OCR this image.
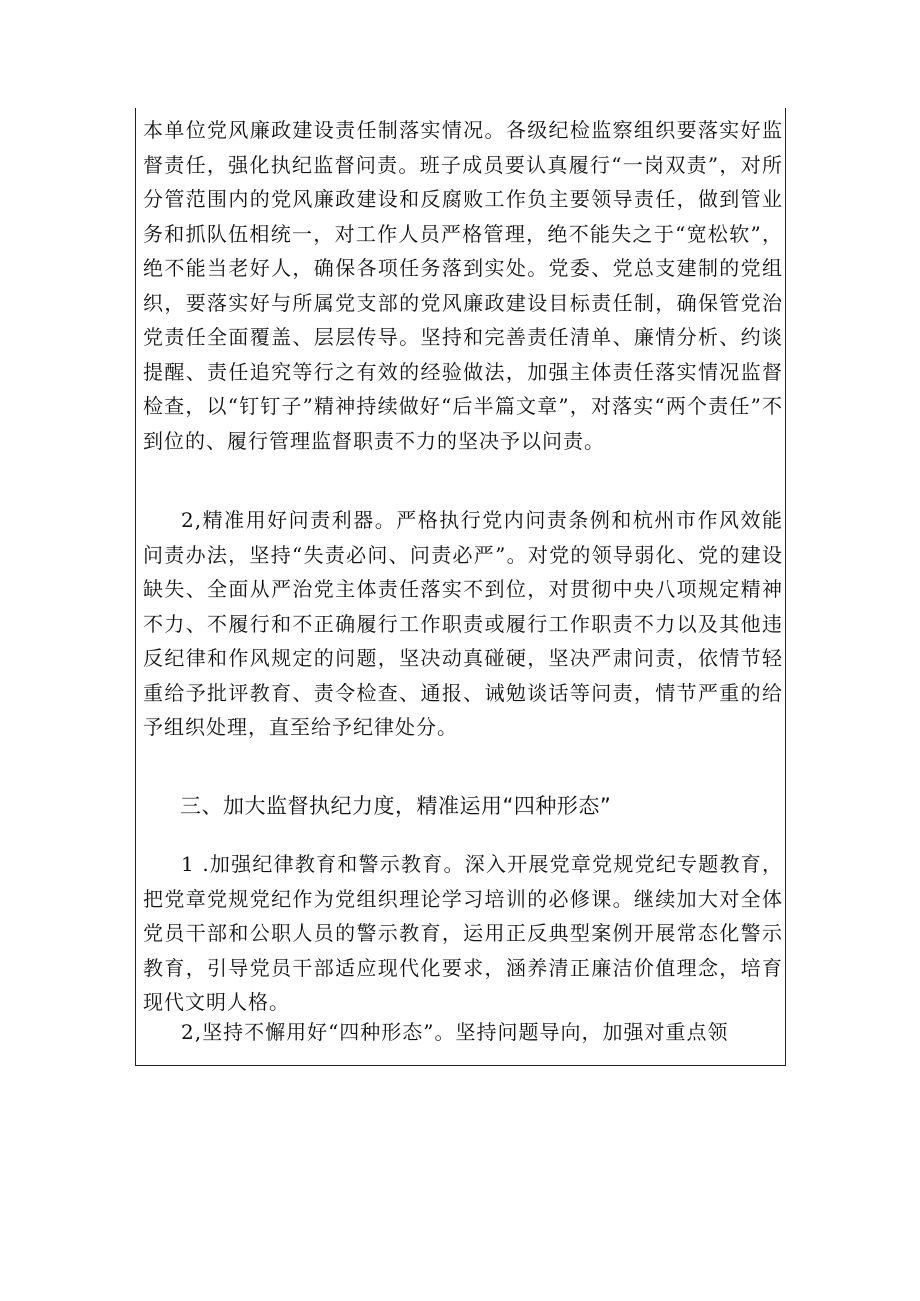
本单位党风廉政建设责任制落实情况。各级纪检监察组织要落实好监督责任，强化执纪监督问责。班子成员要认真履行“一岗双责”，对所分管范围内的党风廉政建设和反腐败工作负主要领导责任，做到管业务和抓队伍相统一，对工作人员严格管理，绝不能失之于“宽松软”，绝不能当老好人，确保各项任务落到实处。党委、党总支建制的党组织，要落实好与所属党支部的党风廉政建设目标责任制，确保管党治党责任全面覆盖、层层传导。坚持和完善责任清单、廉情分析、约谈提醒、责任追究等行之有效的经验做法，加强主体责任落实情况监督检查，以“钉钉子”精神持续做好“后半篇文章”，对落实“两个责任”不到位的、履行管理监督职责不力的坚决予以问责。

2,精准用好问责利器。严格执行党内问责条例和杭州市作风效能问责办法，坚持“失责必问、问责必严”。对党的领导弱化、党的建设缺失、全面从严治党主体责任落实不到位，对贯彻中央八项规定精神不力、不履行和不正确履行工作职责或履行工作职责不力以及其他违反纪律和作风规定的问题，坚决动真碰硬，坚决严肃问责，依情节轻重给予批评教育、责令检查、通报、诫勉谈话等问责，情节严重的给予组织处理，直至给予纪律处分。

三、加大监督执纪力度，精准运用“四种形态”

1 .加强纪律教育和警示教育。深入开展党章党规党纪专题教育，把党章党规党纪作为党组织理论学习培训的必修课。继续加大对全体党员干部和公职人员的警示教育，运用正反典型案例开展常态化警示教育，引导党员干部适应现代化要求，涵养清正廉洁价值理念，培育现代文明人格。

2,坚持不懈用好“四种形态”。坚持问题导向，加强对重点领
